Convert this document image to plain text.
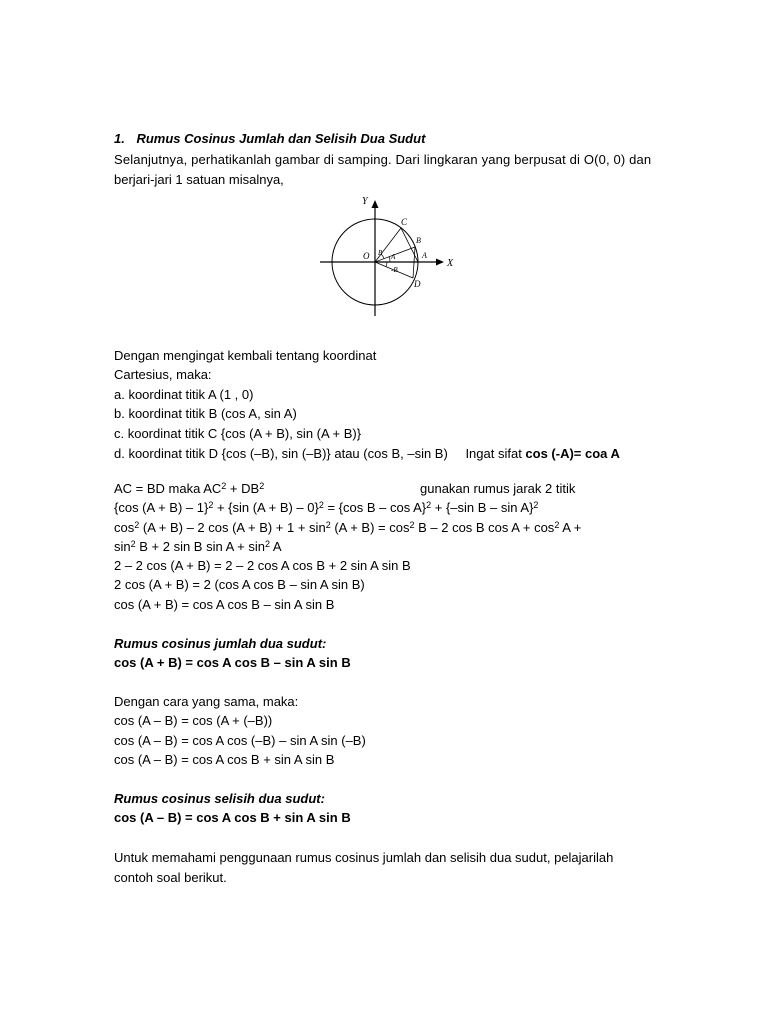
1. Rumus Cosinus Jumlah dan Selisih Dua Sudut
Selanjutnya, perhatikanlah gambar di samping. Dari lingkaran yang berpusat di O(0, 0) dan
berjari-jari 1 satuan misalnya,
Y
X
O
C
B
A
D
B A
-B
Dengan mengingat kembali tentang koordinat
Cartesius, maka:
a. koordinat titik A (1 , 0)
b. koordinat titik B (cos A, sin A)
c. koordinat titik C {cos (A + B), sin (A + B)}
d. koordinat titik D {cos (–B), sin (–B)} atau (cos B, –sin B) Ingat sifat cos (-A)= coa A
AC = BD maka $AC^2 + DB^2$	gunakan rumus jarak 2 titik
{cos (A + B) – 1}$^2$ + {sin (A + B) – 0}$^2$ = {cos B – cos A}$^2$ + {–sin B – sin A}$^2$
$\cos^2 (A + B) - 2$ $\cos (A + B) + 1 + \sin^2 (A + B) = \cos^2 B - 2$ cos B $\cos A + \cos^2 A$ +
$\sin^2 B + 2$ sin B $\sin A + \sin^2 A$
2 – 2 cos (A + B) = 2 – 2 cos A cos B + 2 sin A sin B
2 cos (A + B) = 2 (cos A cos B – sin A sin B)
cos (A + B) = cos A cos B – sin A sin B
Rumus cosinus jumlah dua sudut:
cos (A + B) = cos A cos B – sin A sin B
Dengan cara yang sama, maka:
cos (A – B) = cos (A + (–B))
cos (A – B) = cos A cos (–B) – sin A sin (–B)
cos (A – B) = cos A cos B + sin A sin B
Rumus cosinus selisih dua sudut:
cos (A – B) = cos A cos B + sin A sin B
Untuk memahami penggunaan rumus cosinus jumlah dan selisih dua sudut, pelajarilah
contoh soal berikut.
